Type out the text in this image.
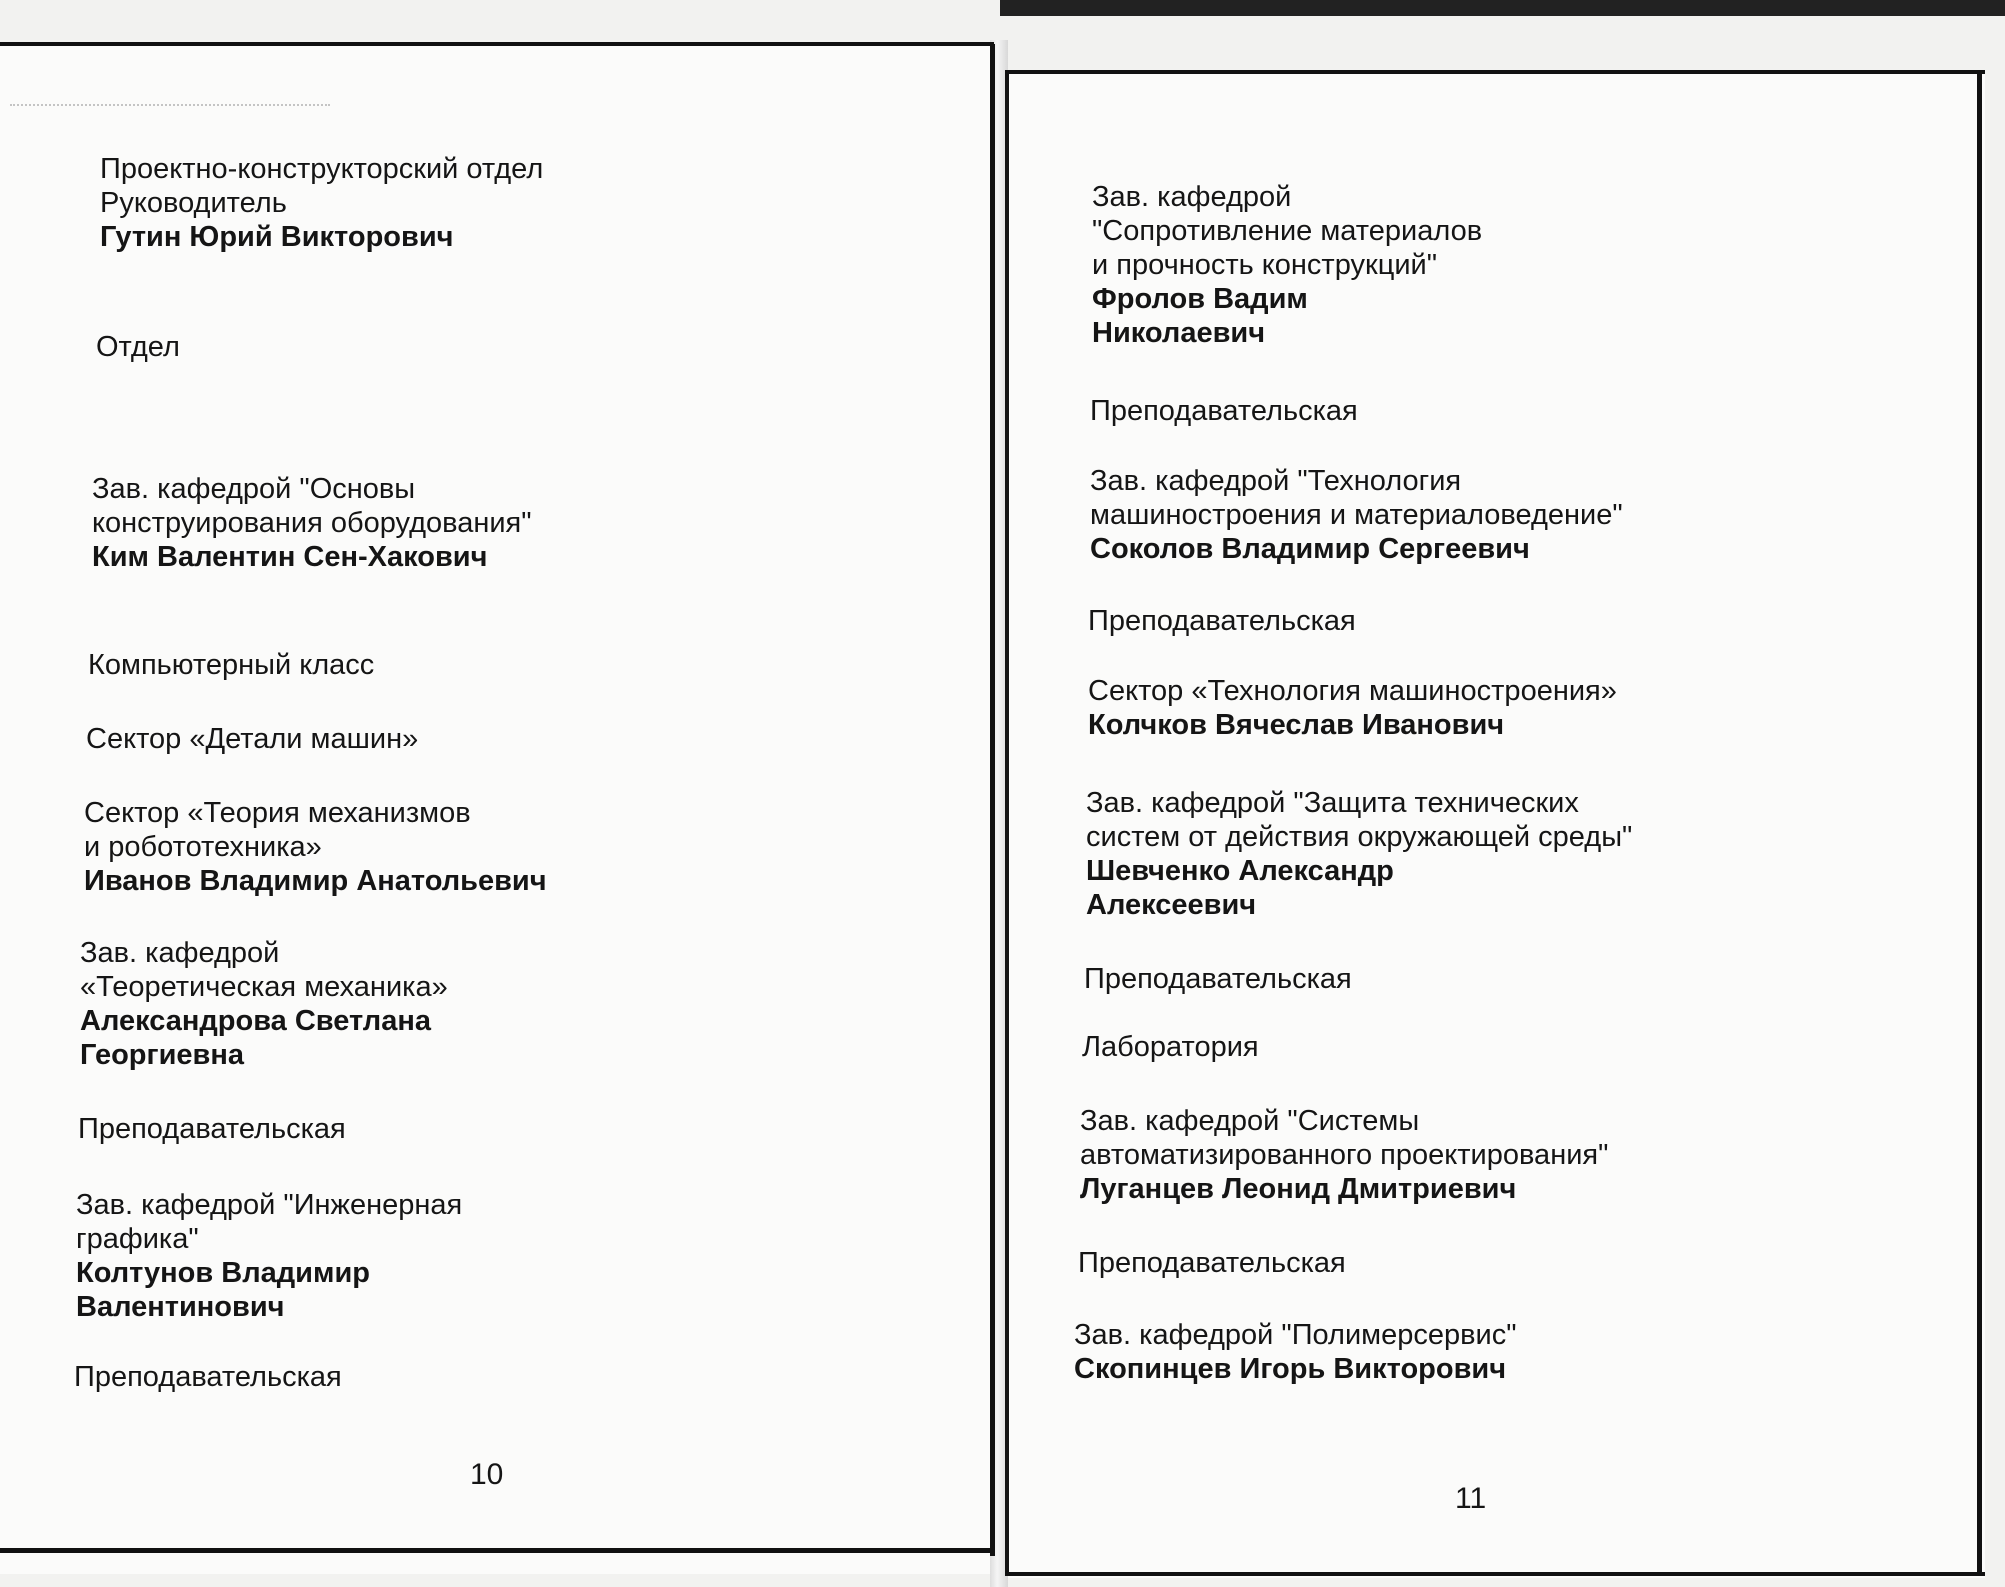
10
11
Проектно-конструкторский отдел
Руководитель
Гутин Юрий Викторович
Отдел
Зав. кафедрой "Основы
конструирования оборудования"
Ким Валентин Сен-Хакович
Компьютерный класс
Сектор «Детали машин»
Сектор «Теория механизмов
и робототехника»
Иванов Владимир Анатольевич
Зав. кафедрой
«Теоретическая механика»
Александрова Светлана
Георгиевна
Преподавательская
Зав. кафедрой "Инженерная
графика"
Колтунов Владимир
Валентинович
Преподавательская
Зав. кафедрой
"Сопротивление материалов
и прочность конструкций"
Фролов Вадим
Николаевич
Преподавательская
Зав. кафедрой "Технология
машиностроения и материаловедение"
Соколов Владимир Сергеевич
Преподавательская
Сектор «Технология машиностроения»
Колчков Вячеслав Иванович
Зав. кафедрой "Защита технических
систем от действия окружающей среды"
Шевченко Александр
Алексеевич
Преподавательская
Лаборатория
Зав. кафедрой "Системы
автоматизированного проектирования"
Луганцев Леонид Дмитриевич
Преподавательская
Зав. кафедрой "Полимерсервис"
Скопинцев Игорь Викторович
